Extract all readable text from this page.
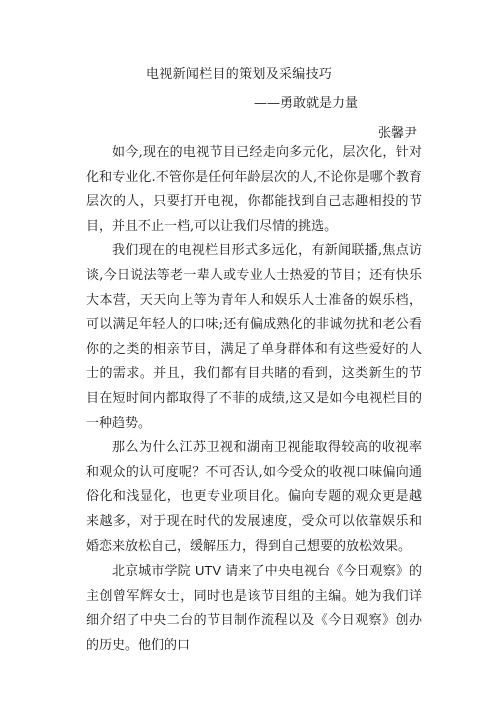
电视新闻栏目的策划及采编技巧
——勇敢就是力量
张馨尹

如今,现在的电视节目已经走向多元化，层次化，针对化和专业化.不管你是任何年龄层次的人,不论你是哪个教育层次的人，只要打开电视，你都能找到自己志趣相投的节目，并且不止一档,可以让我们尽情的挑选。

我们现在的电视栏目形式多远化，有新闻联播,焦点访谈,今日说法等老一辈人或专业人士热爱的节目；还有快乐大本营，天天向上等为青年人和娱乐人士准备的娱乐档，可以满足年轻人的口味;还有偏成熟化的非诚勿扰和老公看你的之类的相亲节目，满足了单身群体和有这些爱好的人士的需求。并且，我们都有目共睹的看到，这类新生的节目在短时间内都取得了不菲的成绩,这又是如今电视栏目的一种趋势。

那么为什么江苏卫视和湖南卫视能取得较高的收视率和观众的认可度呢？不可否认,如今受众的收视口味偏向通俗化和浅显化，也更专业项目化。偏向专题的观众更是越来越多，对于现在时代的发展速度，受众可以依靠娱乐和婚恋来放松自己，缓解压力，得到自己想要的放松效果。

北京城市学院 UTV 请来了中央电视台《今日观察》的主创曾军辉女士，同时也是该节目组的主编。她为我们详细介绍了中央二台的节目制作流程以及《今日观察》创办的历史。他们的口
